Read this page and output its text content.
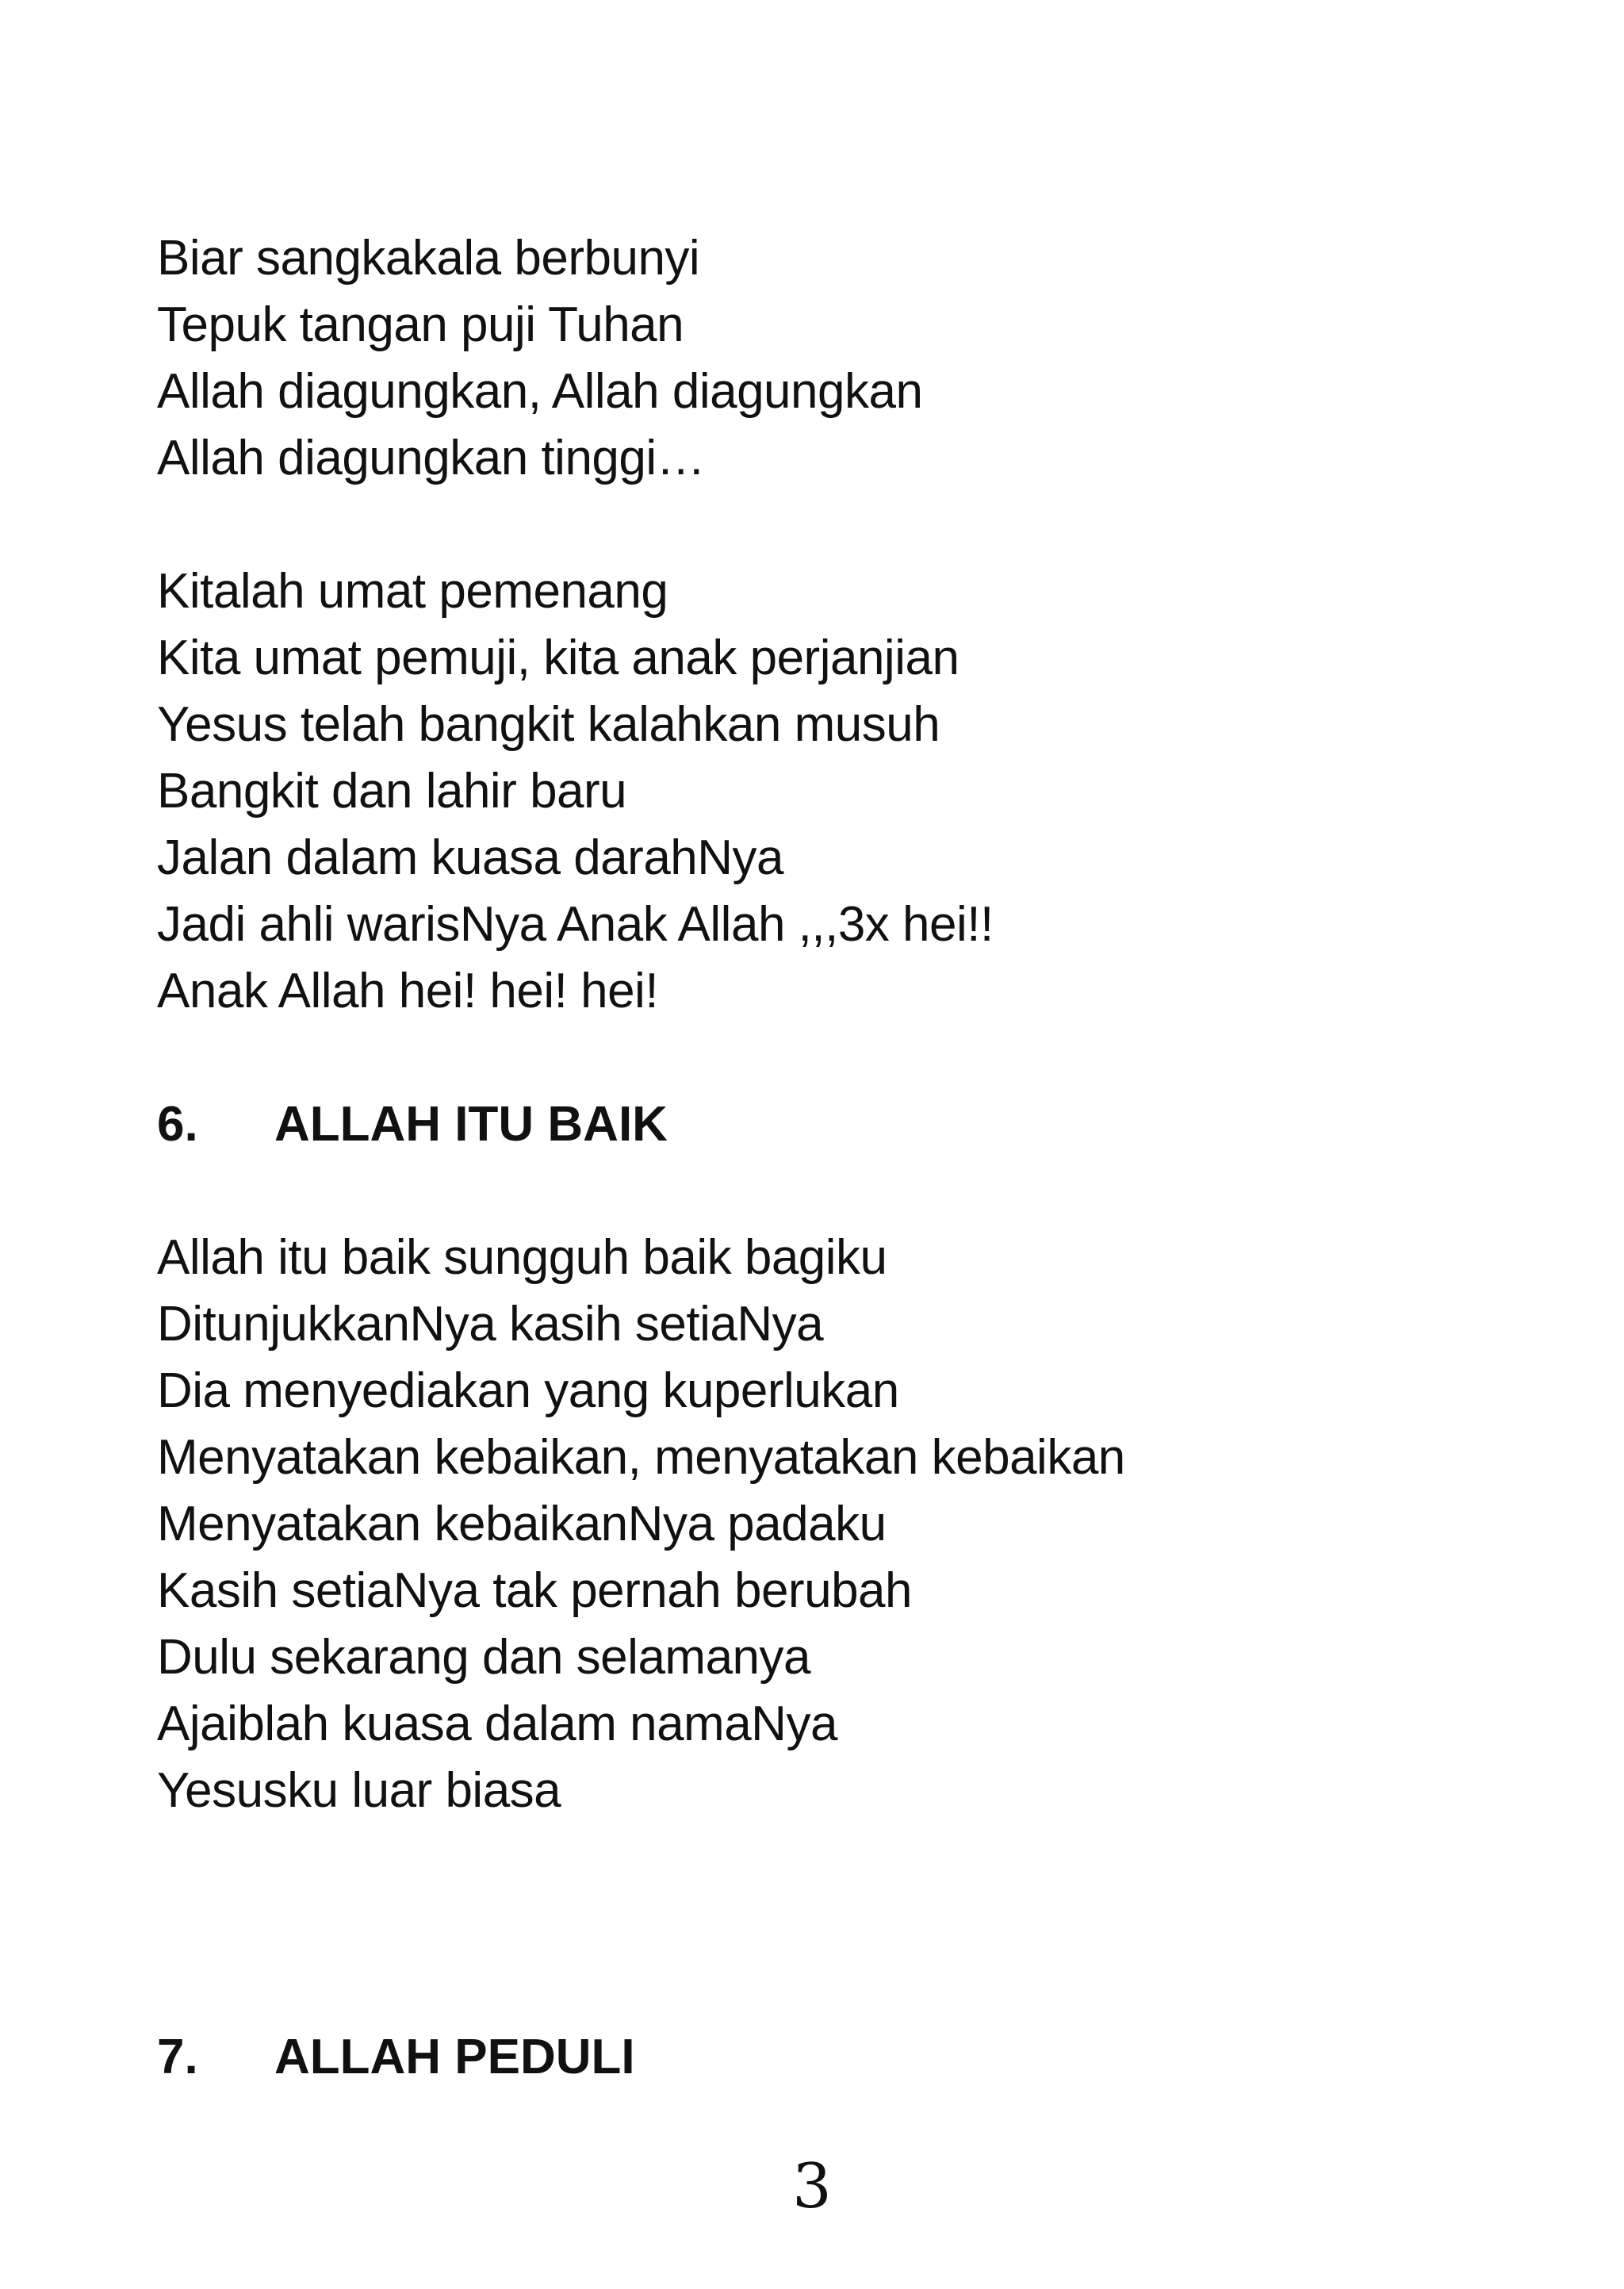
Biar sangkakala berbunyi
Tepuk tangan puji Tuhan
Allah diagungkan, Allah diagungkan
Allah diagungkan tinggi…
Kitalah umat pemenang
Kita umat pemuji, kita anak perjanjian
Yesus telah bangkit kalahkan musuh
Bangkit dan lahir baru
Jalan dalam kuasa darahNya
Jadi ahli warisNya Anak Allah ,,,3x hei!!
Anak Allah hei! hei! hei!
6. ALLAH ITU BAIK
Allah itu baik sungguh baik bagiku
DitunjukkanNya kasih setiaNya
Dia menyediakan yang kuperlukan
Menyatakan kebaikan, menyatakan kebaikan
Menyatakan kebaikanNya padaku
Kasih setiaNya tak pernah berubah
Dulu sekarang dan selamanya
Ajaiblah kuasa dalam namaNya
Yesusku luar biasa
7. ALLAH PEDULI
3
